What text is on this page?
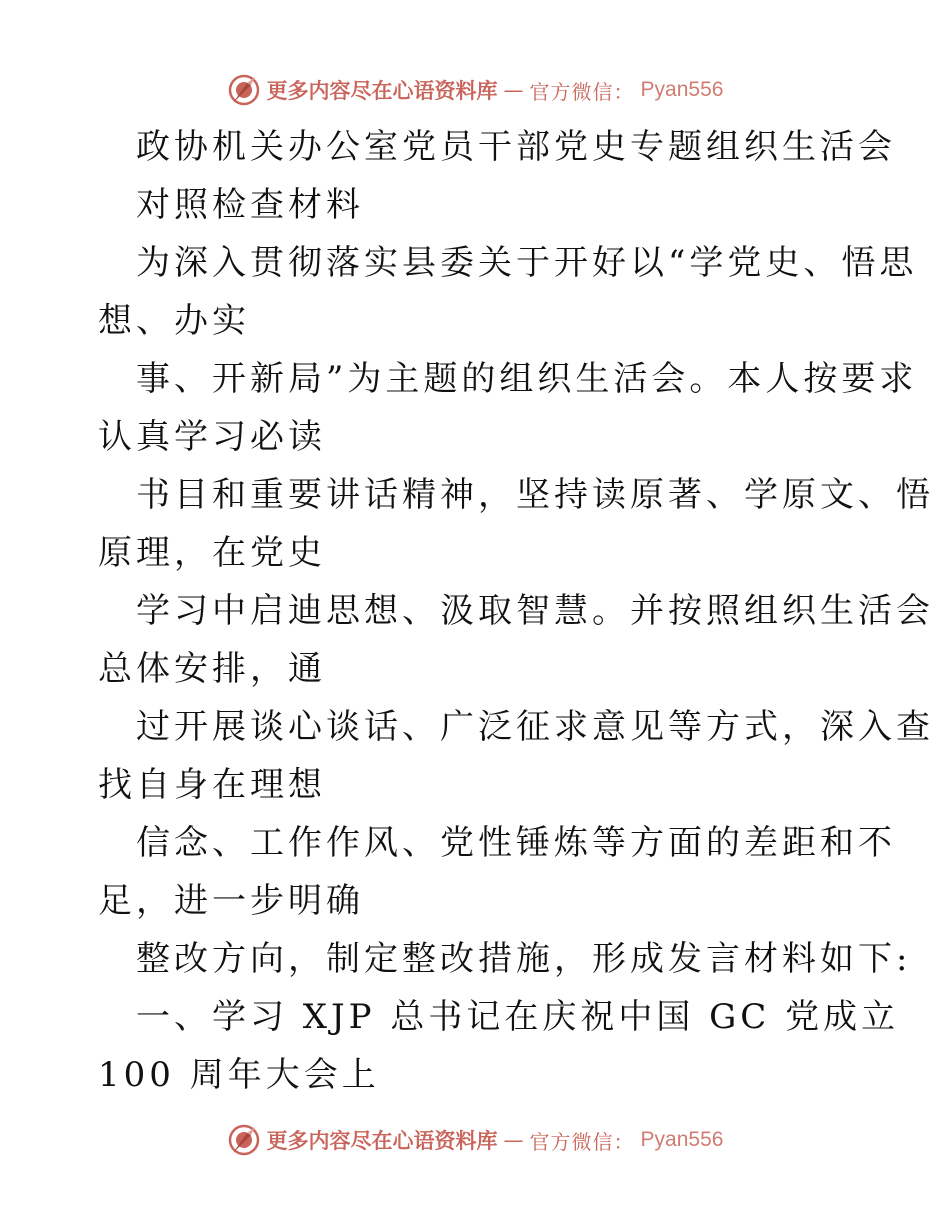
更多内容尽在心语资料库 — 官方微信： Pyan556
政协机关办公室党员干部党史专题组织生活会
对照检查材料
为深入贯彻落实县委关于开好以“学党史、悟思
想、办实
事、开新局”为主题的组织生活会。本人按要求
认真学习必读
书目和重要讲话精神，坚持读原著、学原文、悟
原理，在党史
学习中启迪思想、汲取智慧。并按照组织生活会
总体安排，通
过开展谈心谈话、广泛征求意见等方式，深入查
找自身在理想
信念、工作作风、党性锤炼等方面的差距和不
足，进一步明确
整改方向，制定整改措施，形成发言材料如下:
一、学习 XJP 总书记在庆祝中国 GC 党成立
100 周年大会上
更多内容尽在心语资料库 — 官方微信： Pyan556
